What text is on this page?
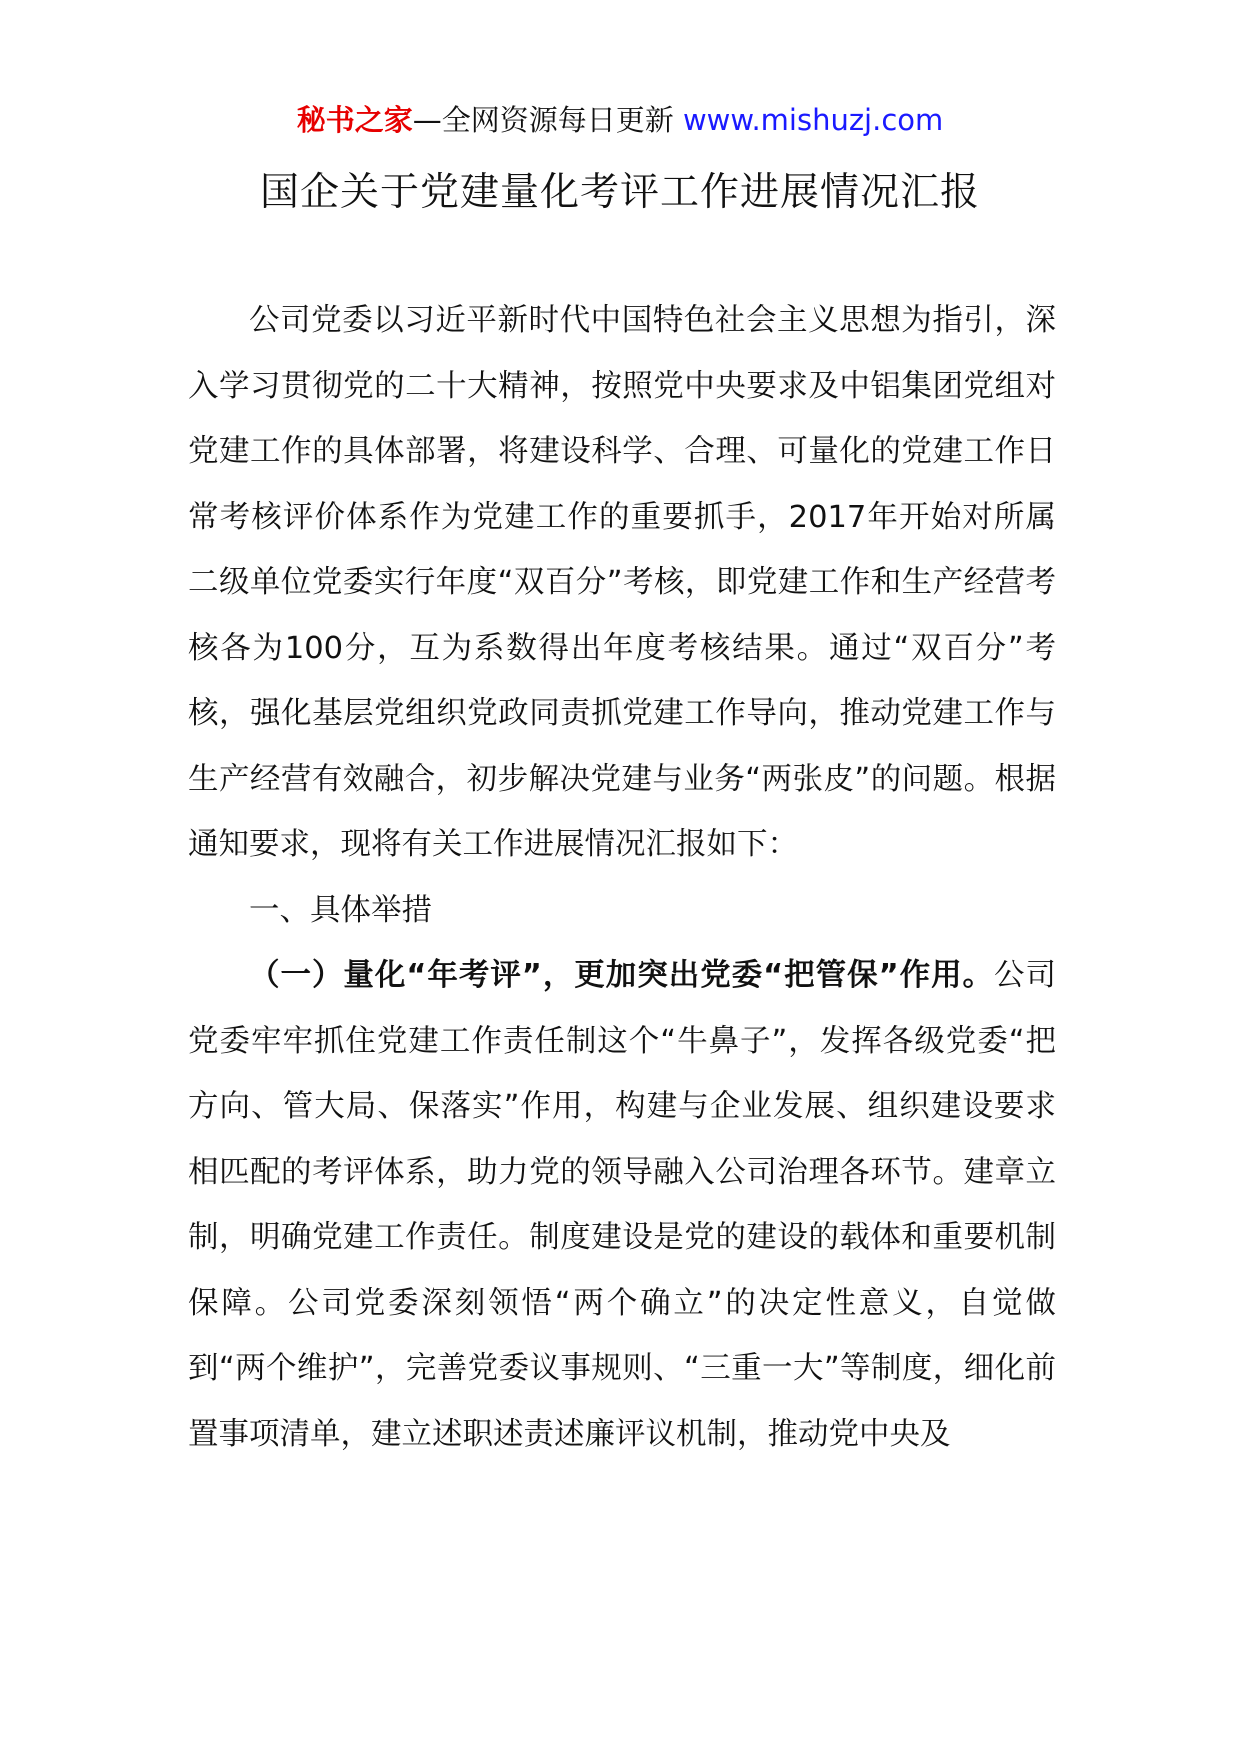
秘书之家—全网资源每日更新 www.mishuzj.com
国企关于党建量化考评工作进展情况汇报

公司党委以习近平新时代中国特色社会主义思想为指引，深入学习贯彻党的二十大精神，按照党中央要求及中铝集团党组对党建工作的具体部署，将建设科学、合理、可量化的党建工作日常考核评价体系作为党建工作的重要抓手，2017年开始对所属二级单位党委实行年度“双百分”考核，即党建工作和生产经营考核各为100分，互为系数得出年度考核结果。通过“双百分”考核，强化基层党组织党政同责抓党建工作导向，推动党建工作与生产经营有效融合，初步解决党建与业务“两张皮”的问题。根据通知要求，现将有关工作进展情况汇报如下：

一、具体举措

（一）量化“年考评”，更加突出党委“把管保”作用。公司党委牢牢抓住党建工作责任制这个“牛鼻子”，发挥各级党委“把方向、管大局、保落实”作用，构建与企业发展、组织建设要求相匹配的考评体系，助力党的领导融入公司治理各环节。建章立制，明确党建工作责任。制度建设是党的建设的载体和重要机制保障。公司党委深刻领悟“两个确立”的决定性意义，自觉做到“两个维护”，完善党委议事规则、“三重一大”等制度，细化前置事项清单，建立述职述责述廉评议机制，推动党中央及
